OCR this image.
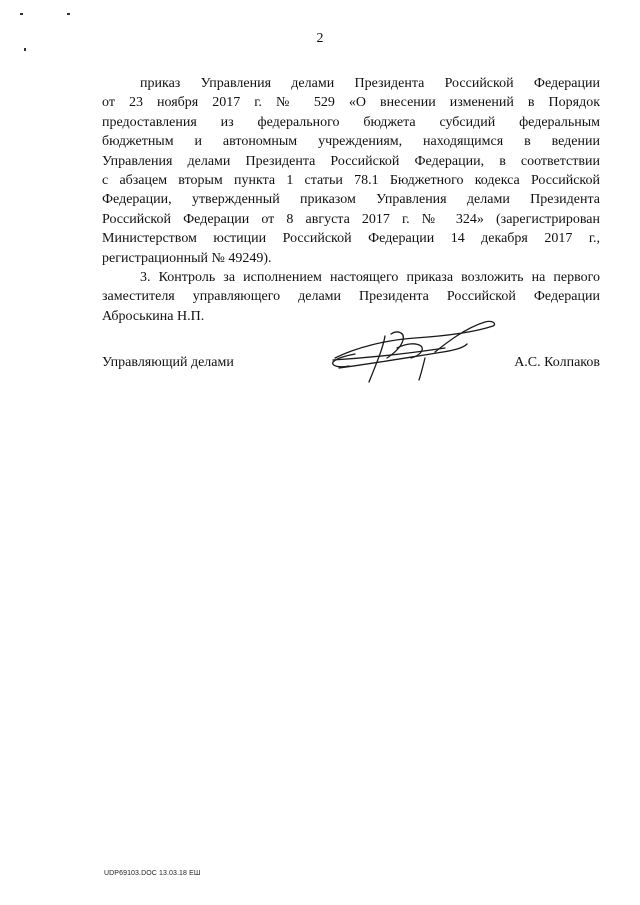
2
приказ Управления делами Президента Российской Федерации
от 23 ноября 2017 г. № 529 «О внесении изменений в Порядок
предоставления из федерального бюджета субсидий федеральным
бюджетным и автономным учреждениям, находящимся в ведении
Управления делами Президента Российской Федерации, в соответствии
с абзацем вторым пункта 1 статьи 78.1 Бюджетного кодекса Российской
Федерации, утвержденный приказом Управления делами Президента
Российской Федерации от 8 августа 2017 г. № 324» (зарегистрирован
Министерством юстиции Российской Федерации 14 декабря 2017 г.,
регистрационный № 49249).
3. Контроль за исполнением настоящего приказа возложить на первого
заместителя управляющего делами Президента Российской Федерации
Аброськина Н.П.
Управляющий делами	А.С. Колпаков
UDP69103.DOC 13.03.18 EШ
